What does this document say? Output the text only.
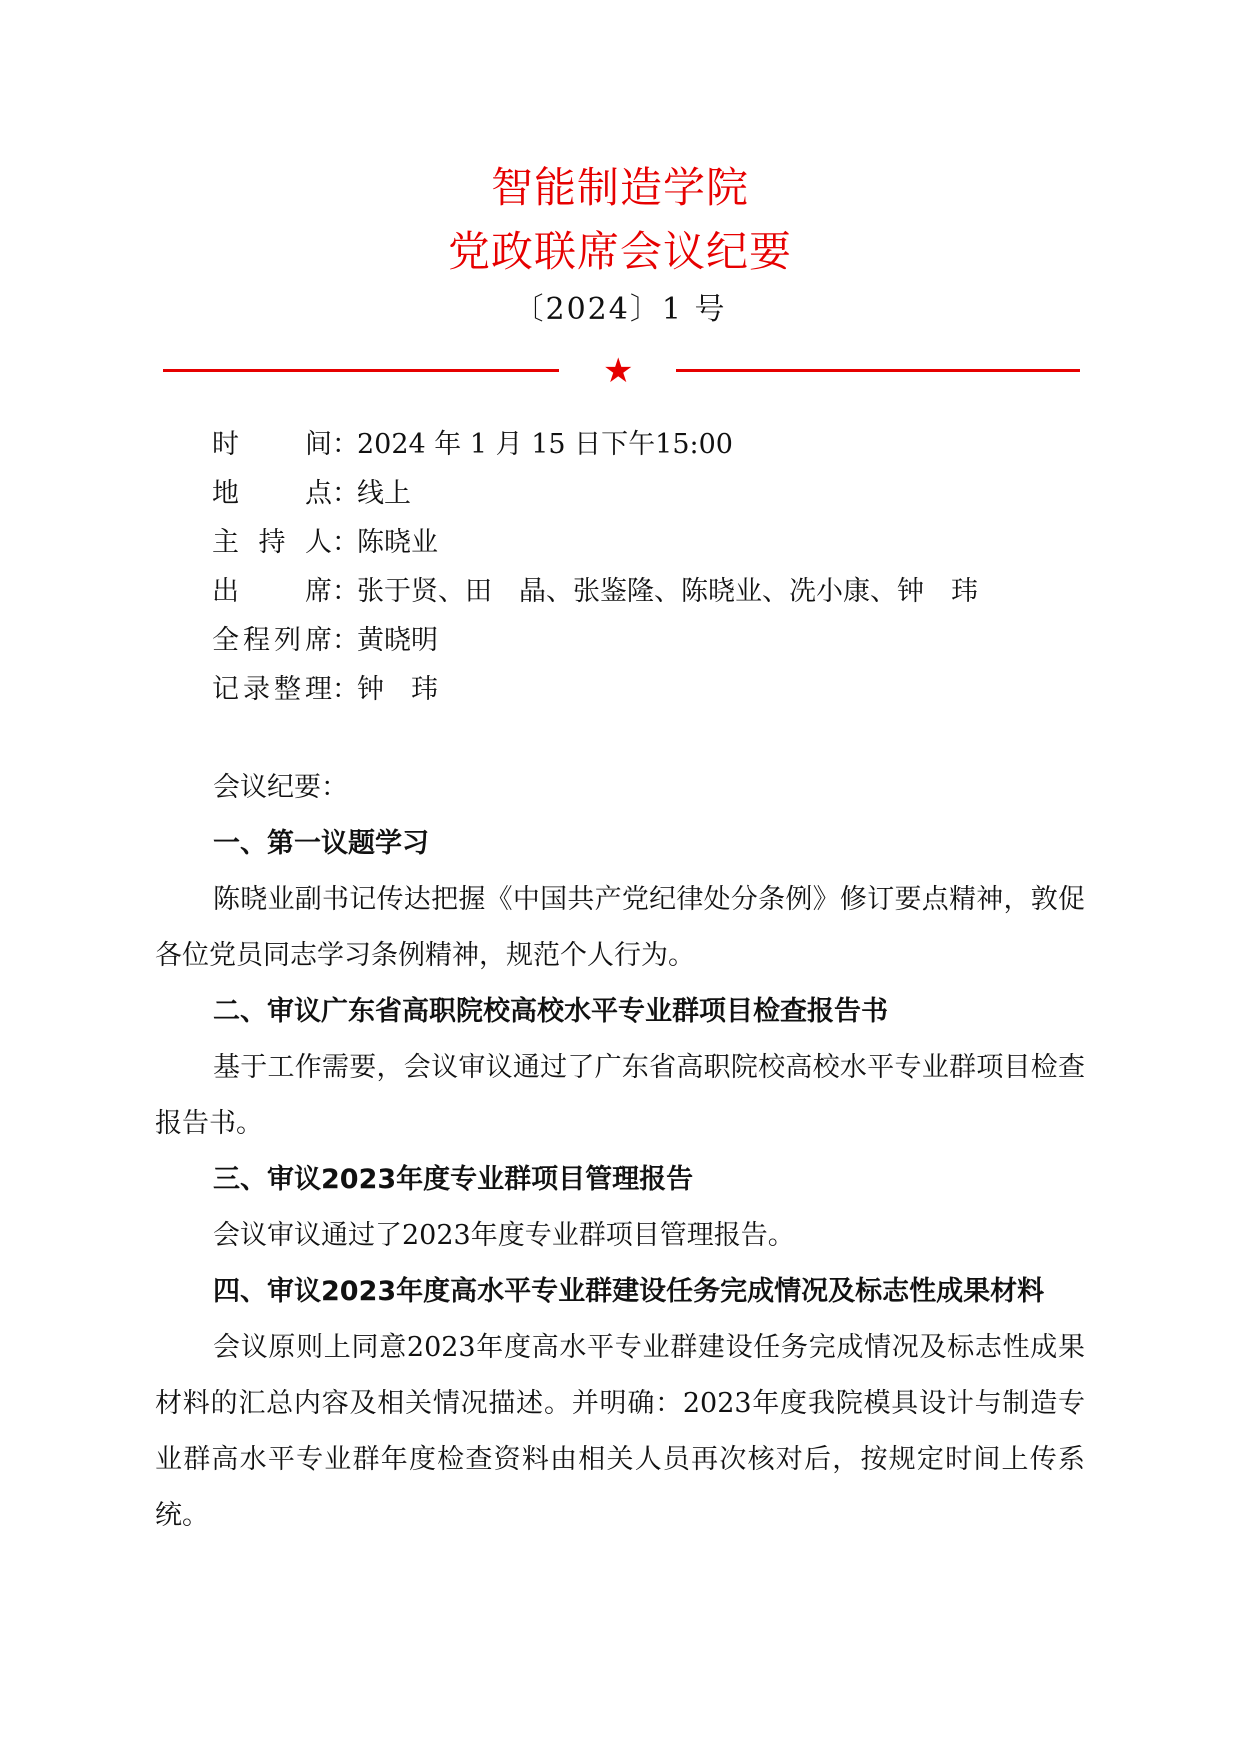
智能制造学院
党政联席会议纪要
〔2024〕1 号
★
时 间 ：
2024 年 1 月 15 日下午15:00
地 点 ：
线上
主 持 人 ：
陈晓业
出 席 ：
张于贤、田　晶、张鉴隆、陈晓业、冼小康、钟　玮
全 程 列 席 ：
黄晓明
记 录 整 理 ：
钟　玮
会议纪要：
一、第一议题学习

陈晓业副书记传达把握《中国共产党纪律处分条例》修订要点精神，敦促各位党员同志学习条例精神，规范个人行为。

二、审议广东省高职院校高校水平专业群项目检查报告书

基于工作需要，会议审议通过了广东省高职院校高校水平专业群项目检查报告书。

三、审议2023年度专业群项目管理报告

会议审议通过了2023年度专业群项目管理报告。

四、审议2023年度高水平专业群建设任务完成情况及标志性成果材料

会议原则上同意2023年度高水平专业群建设任务完成情况及标志性成果材料的汇总内容及相关情况描述。并明确：2023年度我院模具设计与制造专业群高水平专业群年度检查资料由相关人员再次核对后，按规定时间上传系统。
